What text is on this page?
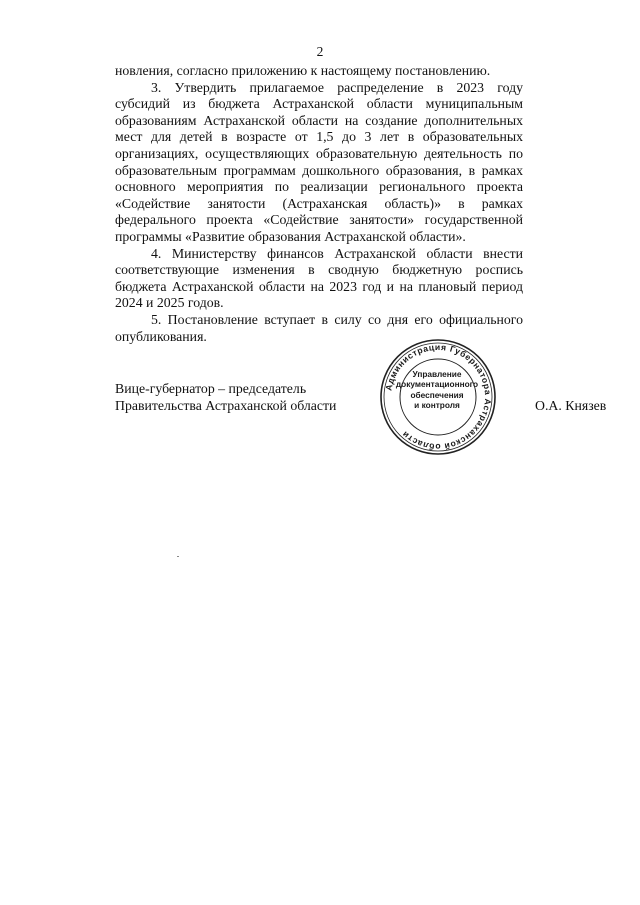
2

новления, согласно приложению к настоящему постановлению.

3. Утвердить прилагаемое распределение в 2023 году субсидий из бюджета Астраханской области муниципальным образованиям Астраханской области на создание дополнительных мест для детей в возрасте от 1,5 до 3 лет в образовательных организациях, осуществляющих образовательную деятельность по образовательным программам дошкольного образования, в рамках основного мероприятия по реализации регионального проекта «Содействие занятости (Астраханская область)» в рамках федерального проекта «Содействие занятости» государственной программы «Развитие образования Астраханской области».

4. Министерству финансов Астраханской области внести соответствующие изменения в сводную бюджетную роспись бюджета Астраханской области на 2023 год и на плановый период 2024 и 2025 годов.

5. Постановление вступает в силу со дня его официального опубликования.

Вице-губернатор – председатель
Правительства Астраханской области
Администрация Губернатора Астраханской области
Управление
документационного
обеспечения
и контроля	О.А. Князев
